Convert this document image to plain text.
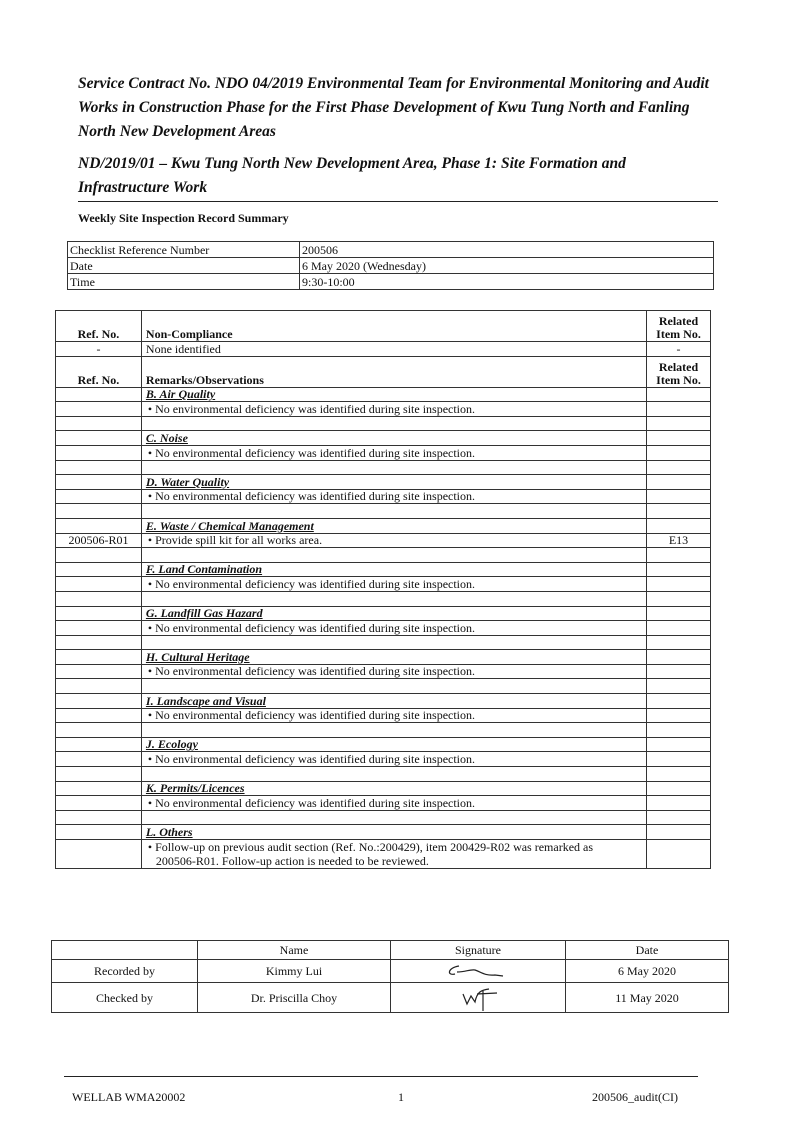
Service Contract No. NDO 04/2019 Environmental Team for Environmental Monitoring and Audit Works in Construction Phase for the First Phase Development of Kwu Tung North and Fanling North New Development Areas
ND/2019/01 – Kwu Tung North New Development Area, Phase 1: Site Formation and Infrastructure Work
Weekly Site Inspection Record Summary
Checklist Reference Number	200506
Date	6 May 2020 (Wednesday)
Time	9:30-10:00
Ref. No.	Non-Compliance	Related
Item No.
-	None identified	-
Ref. No.	Remarks/Observations	Related
Item No.
	B. Air Quality	
	• No environmental deficiency was identified during site inspection.	

	C. Noise	
	• No environmental deficiency was identified during site inspection.	

	D. Water Quality	
	• No environmental deficiency was identified during site inspection.	

	E. Waste / Chemical Management	
200506-R01	• Provide spill kit for all works area.	E13

	F. Land Contamination	
	• No environmental deficiency was identified during site inspection.	

	G. Landfill Gas Hazard	
	• No environmental deficiency was identified during site inspection.	

	H. Cultural Heritage	
	• No environmental deficiency was identified during site inspection.	

	I. Landscape and Visual	
	• No environmental deficiency was identified during site inspection.	

	J. Ecology	
	• No environmental deficiency was identified during site inspection.	

	K. Permits/Licences	
	• No environmental deficiency was identified during site inspection.	

	L. Others	
	• Follow-up on previous audit section (Ref. No.:200429), item 200429-R02 was remarked as
200506-R01. Follow-up action is needed to be reviewed.	
	Name	Signature	Date
Recorded by	Kimmy Lui		6 May 2020
Checked by	Dr. Priscilla Choy		11 May 2020
WELLAB WMA20002	1	200506_audit(CI)
